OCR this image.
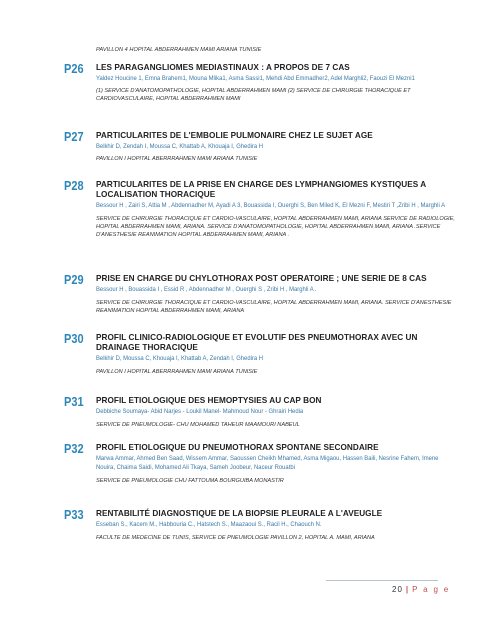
PAVILLON 4 HOPITAL ABDERRAHMEN MAMI ARIANA TUNISIE
P26 LES PARAGANGLIOMES MEDIASTINAUX : A PROPOS DE 7 CAS
Yaldez Houcine 1, Emna Brahem1, Mouna Mlika1, Asma Sassi1, Mehdi Abd Emmadher2, Adel Marghli2, Faouzi El Mezni1
(1) SERVICE D'ANATOMOPATHOLOGIE, HOPITAL ABDERRAHMEN MAMI (2) SERVICE DE CHIRURGIE THORACIQUE ET CARDIOVASCULAIRE, HOPITAL ABDERRAHMEN MAMI
P27 PARTICULARITES DE L'EMBOLIE PULMONAIRE CHEZ LE SUJET AGE
Belkhir D, Zendah I, Moussa C, Khattab A, Khouaja I, Ghedira H
PAVILLON I HOPITAL ABERRRAHMEN MAMI ARIANA TUNISIE
P28 PARTICULARITES DE LA PRISE EN CHARGE DES LYMPHANGIOMES KYSTIQUES A LOCALISATION THORACIQUE
Bessour H , Zairi S, Attia M , Abdennadher M, Ayadi A 3, Bouassida I, Ouerghi S, Ben Miled K, El Mezni F, Mestiri T ,Zribi H , Marghli A
SERVICE DE CHIRURGIE THORACIQUE ET CARDIO-VASCULAIRE, HOPITAL ABDERRAHMEN MAMI, ARIANA SERVICE DE RADIOLOGIE, HOPITAL ABDERRAHMEN MAMI, ARIANA. SERVICE D'ANATOMOPATHOLOGIE, HOPITAL ABDERRAHMEN MAMI, ARIANA .SERVICE D'ANESTHESIE REANIMATION HOPITAL ABDERRAHMEN MAMI, ARIANA .
P29 PRISE EN CHARGE DU CHYLOTHORAX POST OPERATOIRE ; UNE SERIE DE 8 CAS
Bessour H , Bouassida I , Essid R , Abdennadher M , Ouerghi S , Zribi H , Marghli A .
SERVICE DE CHIRURGIE THORACIQUE ET CARDIO-VASCULAIRE, HOPITAL ABDERRAHMEN MAMI, ARIANA. SERVICE D'ANESTHESIE REANIMATION HOPITAL ABDERRAHMEN MAMI, ARIANA
P30 PROFIL CLINICO-RADIOLOGIQUE ET EVOLUTIF DES PNEUMOTHORAX AVEC UN DRAINAGE THORACIQUE
Belkhir D, Moussa C, Khouaja I, Khattab A, Zendah I, Ghedira H
PAVILLON I HOPITAL ABERRRAHMEN MAMI ARIANA TUNISIE
P31 PROFIL ETIOLOGIQUE DES HEMOPTYSIES AU CAP BON
Debbiche Soumaya- Abid Narjes - Loukil Manel- Mahmoud Nour - Ghrairi Hedia
SERVICE DE PNEUMOLOGIE- CHU MOHAMED TAHEUR MAAMOURI NABEUL
P32 PROFIL ETIOLOGIQUE DU PNEUMOTHORAX SPONTANE SECONDAIRE
Marwa Ammar, Ahmed Ben Saad, Wissem Ammar, Saoussen Cheikh Mhamed, Asma Migaou, Hassen Baili, Nesrine Fahem, Imene Nouira, Chaima Saidi, Mohamed Ali Tkaya, Sameh Joobeur, Naceur Rouatbi
SERVICE DE PNEUMOLOGIE CHU FATTOUMA BOURGUIBA MONASTIR
P33 RENTABILITÉ DIAGNOSTIQUE DE LA BIOPSIE PLEURALE A L'AVEUGLE
Esseban S., Kacem M., Habbouria C., Hatstech S., Maazaoui S., Racil H., Chaouch N.
FACULTE DE MEDECINE DE TUNIS, SERVICE DE PNEUMOLOGIE PAVILLON 2, HOPITAL A. MAMI, ARIANA
20 | P a g e
